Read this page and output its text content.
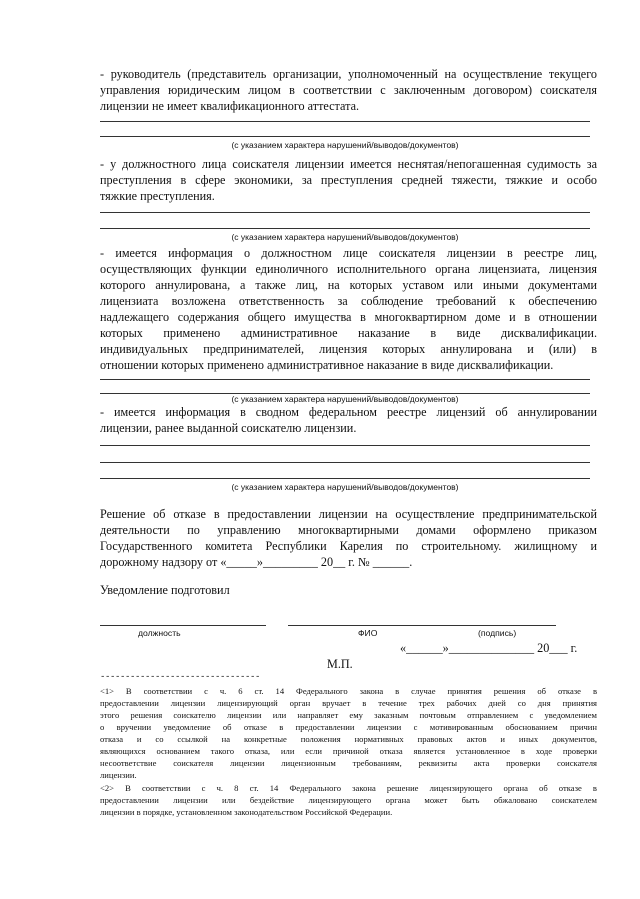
- руководитель (представитель организации, уполномоченный на осуществление текущего
управления юридическим лицом в соответствии с заключенным договором) соискателя
лицензии не имеет квалификационного аттестата.
(с указанием характера нарушений/выводов/документов)
- у должностного лица соискателя лицензии имеется неснятая/непогашенная судимость за
преступления в сфере экономики, за преступления средней тяжести, тяжкие и особо
тяжкие преступления.
(с указанием характера нарушений/выводов/документов)
- имеется информация о должностном лице соискателя лицензии в реестре лиц,
осуществляющих функции единоличного исполнительного органа лицензиата, лицензия
которого аннулирована, а также лиц, на которых уставом или иными документами
лицензиата возложена ответственность за соблюдение требований к обеспечению
надлежащего содержания общего имущества в многоквартирном доме и в отношении
которых применено административное наказание в виде дисквалификации.
индивидуальных предпринимателей, лицензия которых аннулирована и (или) в
отношении которых применено административное наказание в виде дисквалификации.
(с указанием характера нарушений/выводов/документов)
- имеется информация в сводном федеральном реестре лицензий об аннулировании
лицензии, ранее выданной соискателю лицензии.
(с указанием характера нарушений/выводов/документов)
Решение об отказе в предоставлении лицензии на осуществление предпринимательской
деятельности по управлению многоквартирными домами оформлено приказом
Государственного комитета Республики Карелия по строительному. жилищному и
дорожному надзору от «_____»_________ 20__ г. № ______.
Уведомление подготовил
должность	ФИО	(подпись)
«______»______________ 20___ г.
М.П.
--------------------------------
<1> В соответствии с ч. 6 ст. 14 Федерального закона в случае принятия решения об отказе в
предоставлении лицензии лицензирующий орган вручает в течение трех рабочих дней со дня принятия
этого решения соискателю лицензии или направляет ему заказным почтовым отправлением с уведомлением
о вручении уведомление об отказе в предоставлении лицензии с мотивированным обоснованием причин
отказа и со ссылкой на конкретные положения нормативных правовых актов и иных документов,
являющихся основанием такого отказа, или если причиной отказа является установленное в ходе проверки
несоответствие соискателя лицензии лицензионным требованиям, реквизиты акта проверки соискателя
лицензии.
<2> В соответствии с ч. 8 ст. 14 Федерального закона решение лицензирующего органа об отказе в
предоставлении лицензии или бездействие лицензирующего органа может быть обжаловано соискателем
лицензии в порядке, установленном законодательством Российской Федерации.
